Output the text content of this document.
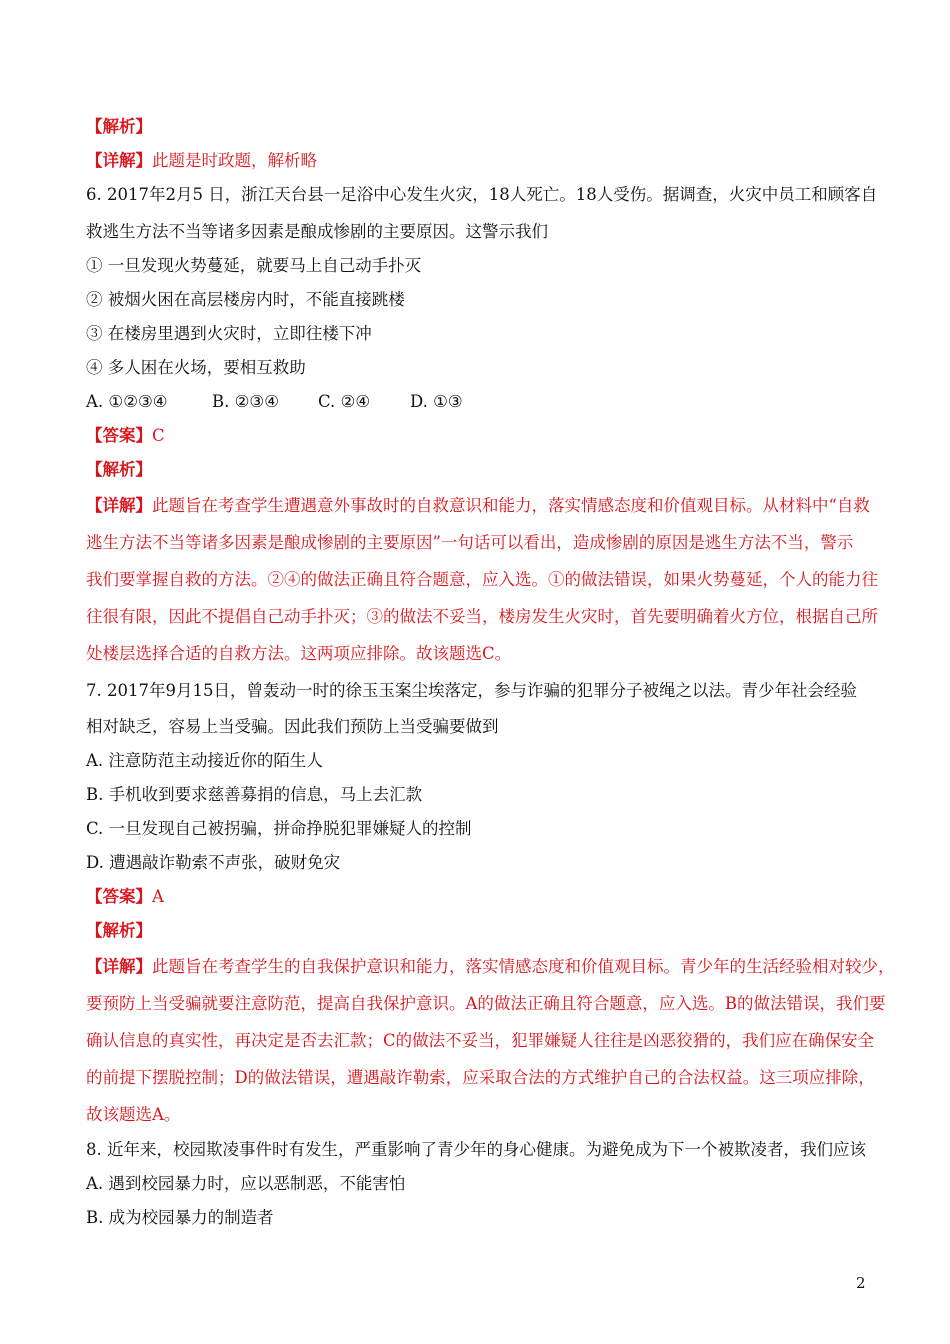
【解析】
【详解】此题是时政题，解析略
6. 2017年2月5 日，浙江天台县一足浴中心发生火灾，18人死亡。18人受伤。据调查，火灾中员工和顾客自
救逃生方法不当等诸多因素是酿成惨剧的主要原因。这警示我们
① 一旦发现火势蔓延，就要马上自己动手扑灭
② 被烟火困在高层楼房内时，不能直接跳楼
③ 在楼房里遇到火灾时，立即往楼下冲
④ 多人困在火场，要相互救助
A. ①②③④	B. ②③④ C. ②④ D. ①③
【答案】C
【解析】
【详解】此题旨在考查学生遭遇意外事故时的自救意识和能力，落实情感态度和价值观目标。从材料中“自救
逃生方法不当等诸多因素是酿成惨剧的主要原因”一句话可以看出，造成惨剧的原因是逃生方法不当，警示
我们要掌握自救的方法。②④的做法正确且符合题意，应入选。①的做法错误，如果火势蔓延，个人的能力往
往很有限，因此不提倡自己动手扑灭；③的做法不妥当，楼房发生火灾时，首先要明确着火方位，根据自己所
处楼层选择合适的自救方法。这两项应排除。故该题选C。
7. 2017年9月15日，曾轰动一时的徐玉玉案尘埃落定，参与诈骗的犯罪分子被绳之以法。青少年社会经验
相对缺乏，容易上当受骗。因此我们预防上当受骗要做到
A. 注意防范主动接近你的陌生人
B. 手机收到要求慈善募捐的信息，马上去汇款
C. 一旦发现自己被拐骗，拼命挣脱犯罪嫌疑人的控制
D. 遭遇敲诈勒索不声张，破财免灾
【答案】A
【解析】
【详解】此题旨在考查学生的自我保护意识和能力，落实情感态度和价值观目标。青少年的生活经验相对较少，
要预防上当受骗就要注意防范，提高自我保护意识。A的做法正确且符合题意，应入选。B的做法错误，我们要
确认信息的真实性，再决定是否去汇款；C的做法不妥当，犯罪嫌疑人往往是凶恶狡猾的，我们应在确保安全
的前提下摆脱控制；D的做法错误，遭遇敲诈勒索，应采取合法的方式维护自己的合法权益。这三项应排除，
故该题选A。
8. 近年来，校园欺凌事件时有发生，严重影响了青少年的身心健康。为避免成为下一个被欺凌者，我们应该
A. 遇到校园暴力时，应以恶制恶，不能害怕
B. 成为校园暴力的制造者
2
